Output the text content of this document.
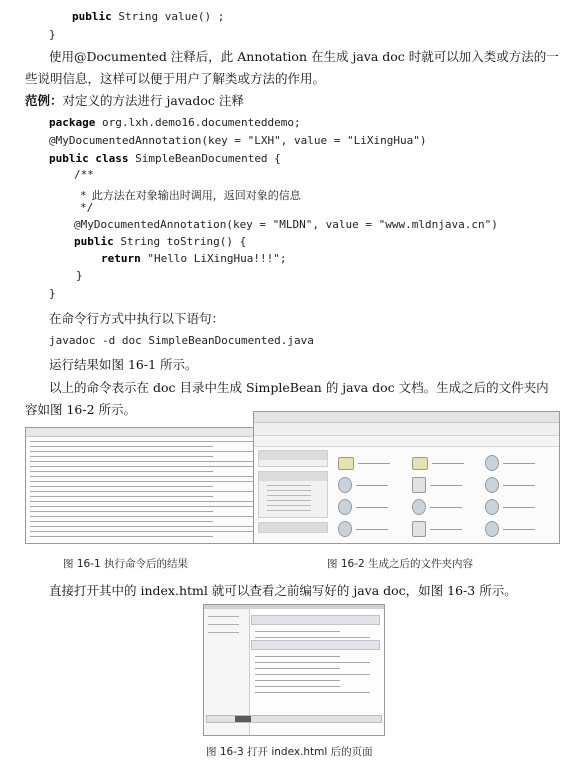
public String value() ;
}
使用@Documented 注释后，此 Annotation 在生成 java doc 时就可以加入类或方法的一
些说明信息，这样可以便于用户了解类或方法的作用。
范例：对定义的方法进行 javadoc 注释
package org.lxh.demo16.documenteddemo;
@MyDocumentedAnnotation(key = "LXH", value = "LiXingHua")
public class SimpleBeanDocumented {
/**
* 此方法在对象输出时调用，返回对象的信息
*/
@MyDocumentedAnnotation(key = "MLDN", value = "www.mldnjava.cn")
public String toString() {
return "Hello LiXingHua!!!";
}
}
在命令行方式中执行以下语句：
javadoc -d doc SimpleBeanDocumented.java
运行结果如图 16-1 所示。
以上的命令表示在 doc 目录中生成 SimpleBean 的 java doc 文档。生成之后的文件夹内
容如图 16-2 所示。
图 16-1 执行命令后的结果	图 16-2 生成之后的文件夹内容
直接打开其中的 index.html 就可以查看之前编写好的 java doc，如图 16-3 所示。
图 16-3 打开 index.html 后的页面
